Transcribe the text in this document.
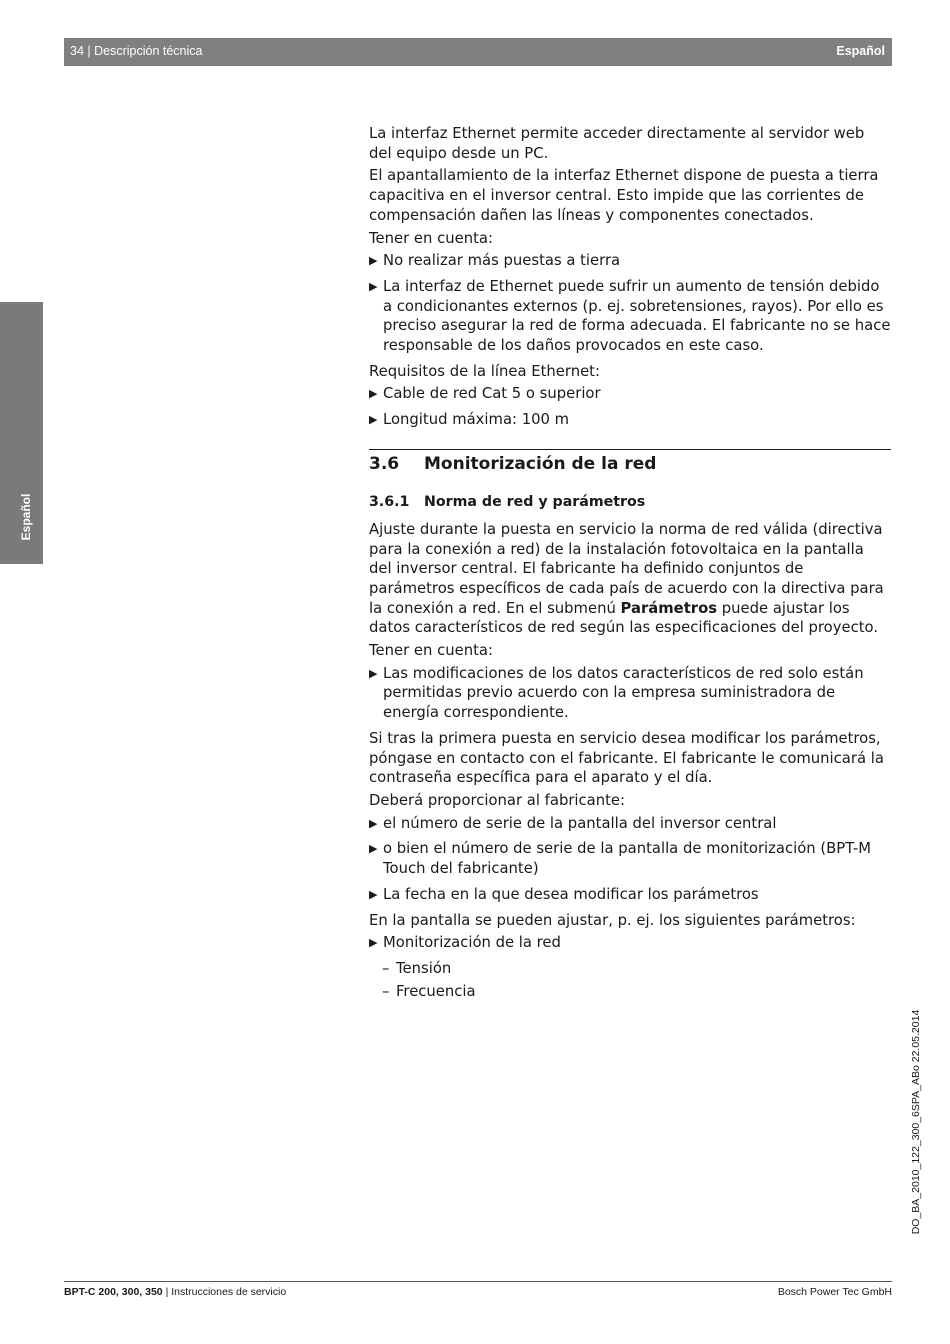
34 | Descripción técnica	Español
Español

La interfaz Ethernet permite acceder directamente al servidor web del equipo desde un PC.

El apantallamiento de la interfaz Ethernet dispone de puesta a tierra capacitiva en el inversor central. Esto impide que las corrientes de compensación dañen las líneas y componentes conectados.

Tener en cuenta:

▶ No realizar más puestas a tierra
▶ La interfaz de Ethernet puede sufrir un aumento de tensión debido a condicionantes externos (p. ej. sobretensiones, rayos). Por ello es preciso asegurar la red de forma adecuada. El fabricante no se hace responsable de los daños provocados en este caso.

Requisitos de la línea Ethernet:

▶ Cable de red Cat 5 o superior
▶ Longitud máxima: 100 m
3.6	Monitorización de la red
3.6.1	Norma de red y parámetros

Ajuste durante la puesta en servicio la norma de red válida (directiva para la conexión a red) de la instalación fotovoltaica en la pantalla del inversor central. El fabricante ha definido conjuntos de parámetros específicos de cada país de acuerdo con la directiva para la conexión a red. En el submenú Parámetros puede ajustar los datos característicos de red según las especificaciones del proyecto.

Tener en cuenta:

▶ Las modificaciones de los datos característicos de red solo están permitidas previo acuerdo con la empresa suministradora de energía correspondiente.

Si tras la primera puesta en servicio desea modificar los parámetros, póngase en contacto con el fabricante. El fabricante le comunicará la contraseña específica para el aparato y el día.

Deberá proporcionar al fabricante:

▶ el número de serie de la pantalla del inversor central
▶ o bien el número de serie de la pantalla de monitorización (BPT-M Touch del fabricante)
▶ La fecha en la que desea modificar los parámetros

En la pantalla se pueden ajustar, p. ej. los siguientes parámetros:

▶ Monitorización de la red
– Tensión
– Frecuencia
DO_BA_2010_122_300_6SPA_ABo 22.05.2014
BPT-C 200, 300, 350 | Instrucciones de servicio	Bosch Power Tec GmbH
